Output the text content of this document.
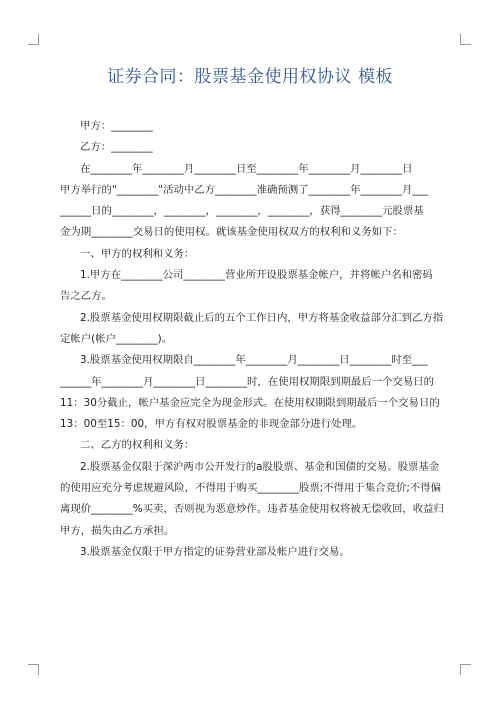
证券合同：股票基金使用权协议 模板

甲方：________

乙方：________

在________年________月________日至________年________月________日

甲方举行的"________"活动中乙方________准确预测了________年________月___

______日的________，________，________，________，获得________元股票基

金为期________交易日的使用权。就该基金使用权双方的权利和义务如下：

一、甲方的权利和义务：

1.甲方在________公司________营业所开设股票基金帐户，并将帐户名和密码

告之乙方。

2.股票基金使用权期限截止后的五个工作日内，甲方将基金收益部分汇到乙方指

定帐户(帐户________)。

3.股票基金使用权期限自________年________月________日________时至___

______年________月________日________时，在使用权期限到期最后一个交易日的

11：30分截止，帐户基金应完全为现金形式。在使用权期限到期最后一个交易日的

13：00至15：00，甲方有权对股票基金的非现金部分进行处理。

二、乙方的权利和义务：

2.股票基金仅限于深沪两市公开发行的a股股票、基金和国债的交易。股票基金

的使用应充分考虑规避风险，不得用于购买________股票;不得用于集合竞价;不得偏

离现价________%买卖，否则视为恶意炒作。违者基金使用权将被无偿收回，收益归

甲方，损失由乙方承担。

3.股票基金仅限于甲方指定的证券营业部及帐户进行交易。
